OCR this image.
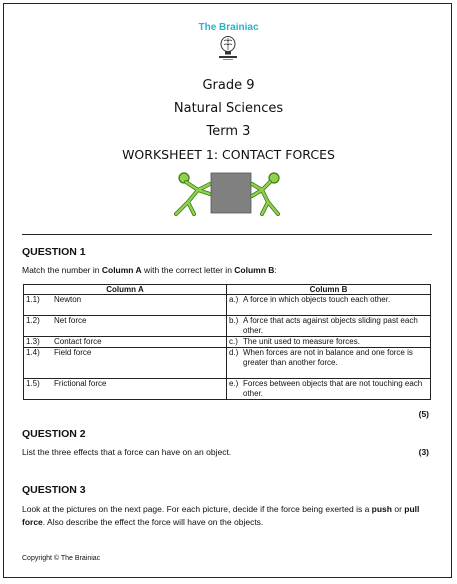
The Brainiac
Grade 9
Natural Sciences
Term 3
WORKSHEET 1: CONTACT FORCES
QUESTION 1
Match the number in Column A with the correct letter in Column B:
Column A	Column B
1.1) Newton	a.) A force in which objects touch each other.

1.2) Net force	b.) A force that acts against objects sliding past each other.

1.3) Contact force	c.) The unit used to measure forces.

1.4) Field force	d.) When forces are not in balance and one force is greater than another force.

1.5) Frictional force	e.) Forces between objects that are not touching each other.
(5)
QUESTION 2
List the three effects that a force can have on an object.	(3)
QUESTION 3
Look at the pictures on the next page. For each picture, decide if the force being exerted is a push or pull force. Also describe the effect the force will have on the objects.
Copyright © The Brainiac
